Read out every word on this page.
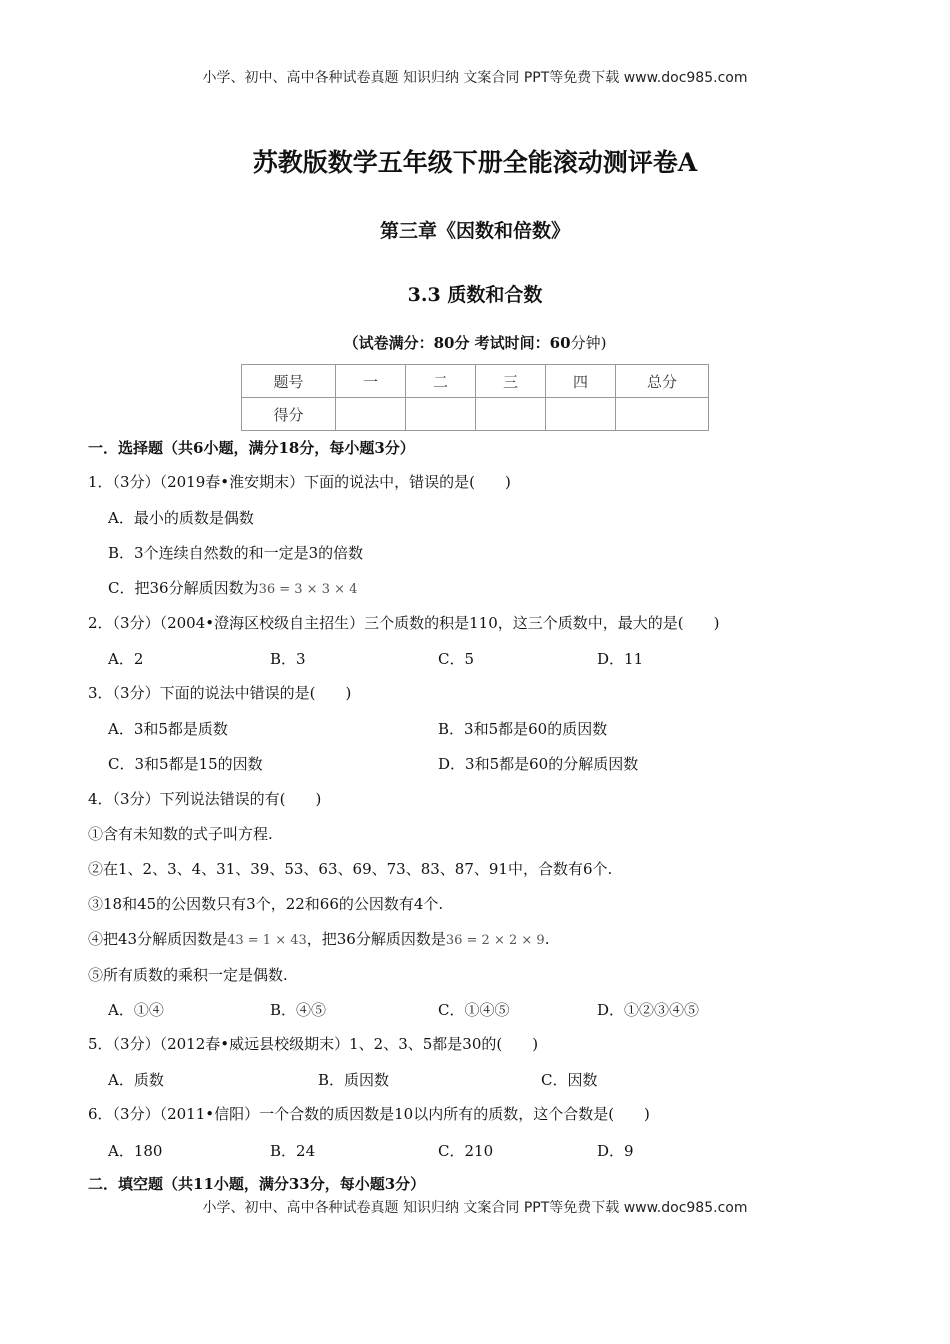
小学、初中、高中各种试卷真题 知识归纳 文案合同 PPT等免费下载 www.doc985.com
苏教版数学五年级下册全能滚动测评卷A
第三章《因数和倍数》
3.3 质数和合数
（试卷满分：80分 考试时间：60分钟)
题号	一	二	三	四	总分
得分					
一．选择题（共6小题，满分18分，每小题3分）
1．（3分）（2019春•淮安期末）下面的说法中，错误的是(　　)
A．最小的质数是偶数
B．3个连续自然数的和一定是3的倍数
C．把36分解质因数为36 = 3 × 3 × 4
2．（3分）（2004•澄海区校级自主招生）三个质数的积是110，这三个质数中，最大的是(　　)
A．2	B．3	C．5	D．11
3．（3分）下面的说法中错误的是(　　)
A．3和5都是质数	B．3和5都是60的质因数
C．3和5都是15的因数	D．3和5都是60的分解质因数
4．（3分）下列说法错误的有(　　)
①含有未知数的式子叫方程.
②在1、2、3、4、31、39、53、63、69、73、83、87、91中，合数有6个.
③18和45的公因数只有3个，22和66的公因数有4个.
④把43分解质因数是43 = 1 × 43，把36分解质因数是36 = 2 × 2 × 9.
⑤所有质数的乘积一定是偶数.
A．①④	B．④⑤	C．①④⑤	D．①②③④⑤
5．（3分）（2012春•威远县校级期末）1、2、3、5都是30的(　　)
A．质数	B．质因数	C．因数
6．（3分）（2011•信阳）一个合数的质因数是10以内所有的质数，这个合数是(　　)
A．180	B．24	C．210	D．9
二．填空题（共11小题，满分33分，每小题3分）
小学、初中、高中各种试卷真题 知识归纳 文案合同 PPT等免费下载 www.doc985.com
